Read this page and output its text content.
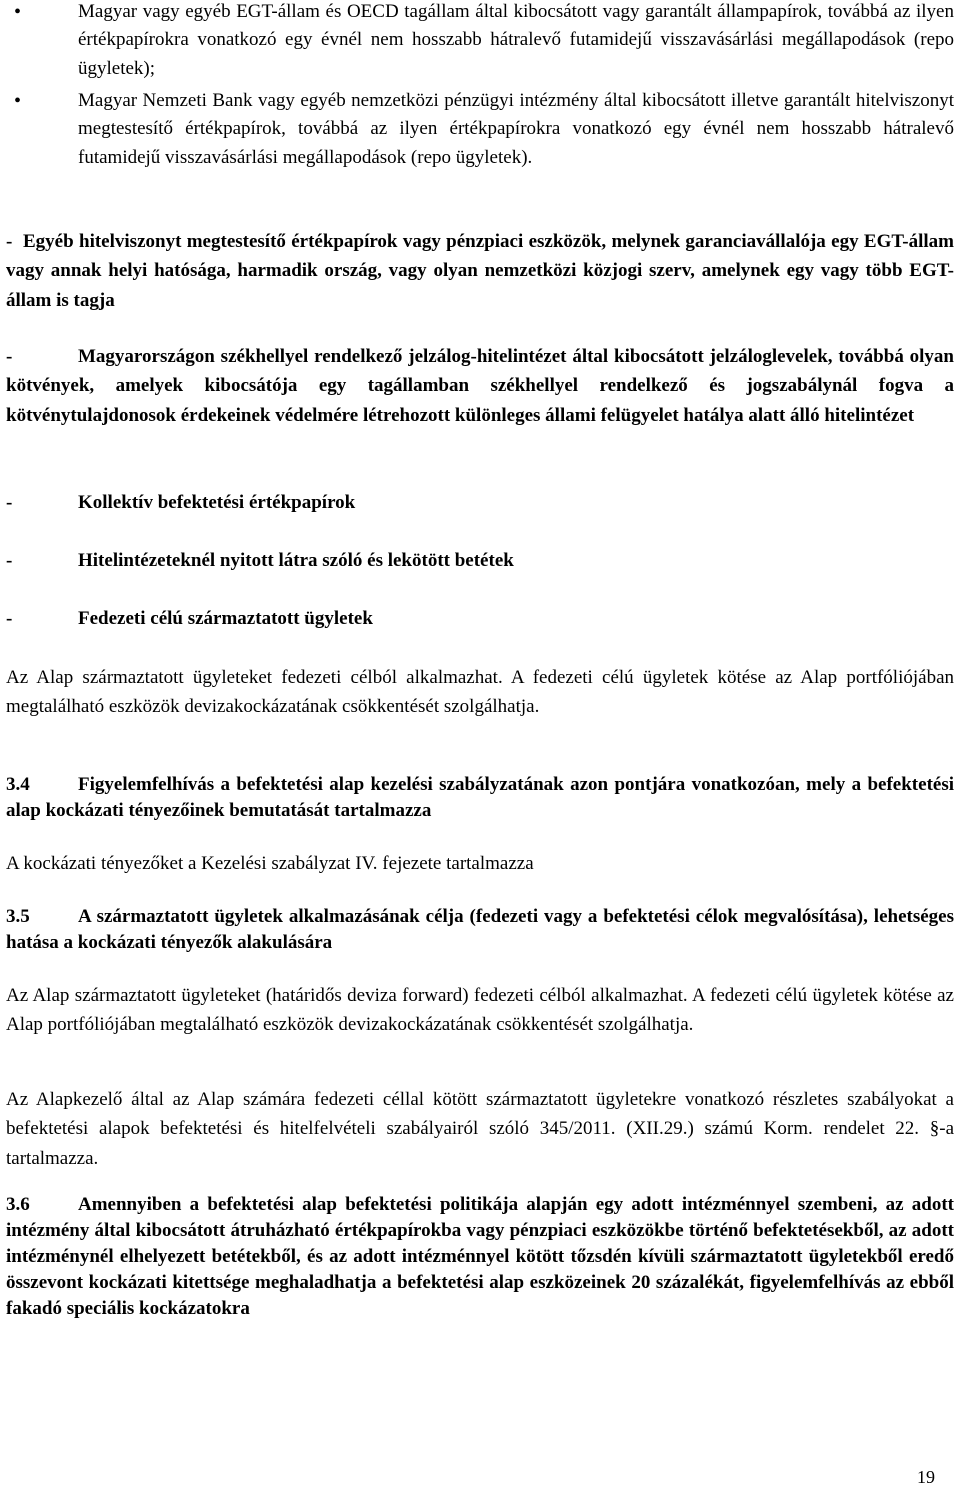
•	Magyar vagy egyéb EGT-állam és OECD tagállam által kibocsátott vagy garantált állampapírok, továbbá az ilyen értékpapírokra vonatkozó egy évnél nem hosszabb hátralevő futamidejű visszavásárlási megállapodások (repo ügyletek);
•	Magyar Nemzeti Bank vagy egyéb nemzetközi pénzügyi intézmény által kibocsátott illetve garantált hitelviszonyt megtestesítő értékpapírok, továbbá az ilyen értékpapírokra vonatkozó egy évnél nem hosszabb hátralevő futamidejű visszavásárlási megállapodások (repo ügyletek).
- Egyéb hitelviszonyt megtestesítő értékpapírok vagy pénzpiaci eszközök, melynek garanciavállalója egy EGT-állam vagy annak helyi hatósága, harmadik ország, vagy olyan nemzetközi közjogi szerv, amelynek egy vagy több EGT-állam is tagja
-	Magyarországon székhellyel rendelkező jelzálog-hitelintézet által kibocsátott jelzáloglevelek, továbbá olyan kötvények, amelyek kibocsátója egy tagállamban székhellyel rendelkező és jogszabálynál fogva a kötvénytulajdonosok érdekeinek védelmére létrehozott különleges állami felügyelet hatálya alatt álló hitelintézet
-	Kollektív befektetési értékpapírok
-	Hitelintézeteknél nyitott látra szóló és lekötött betétek
-	Fedezeti célú származtatott ügyletek
Az Alap származtatott ügyleteket fedezeti célból alkalmazhat. A fedezeti célú ügyletek kötése az Alap portfóliójában megtalálható eszközök devizakockázatának csökkentését szolgálhatja.
3.4	Figyelemfelhívás a befektetési alap kezelési szabályzatának azon pontjára vonatkozóan, mely a befektetési alap kockázati tényezőinek bemutatását tartalmazza
A kockázati tényezőket a Kezelési szabályzat IV. fejezete tartalmazza
3.5	A származtatott ügyletek alkalmazásának célja (fedezeti vagy a befektetési célok megvalósítása), lehetséges hatása a kockázati tényezők alakulására
Az Alap származtatott ügyleteket (határidős deviza forward) fedezeti célból alkalmazhat. A fedezeti célú ügyletek kötése az Alap portfóliójában megtalálható eszközök devizakockázatának csökkentését szolgálhatja.
Az Alapkezelő által az Alap számára fedezeti céllal kötött származtatott ügyletekre vonatkozó részletes szabályokat a befektetési alapok befektetési és hitelfelvételi szabályairól szóló 345/2011. (XII.29.) számú Korm. rendelet 22. §-a tartalmazza.
3.6	Amennyiben a befektetési alap befektetési politikája alapján egy adott intézménnyel szembeni, az adott intézmény által kibocsátott átruházható értékpapírokba vagy pénzpiaci eszközökbe történő befektetésekből, az adott intézménynél elhelyezett betétekből, és az adott intézménnyel kötött tőzsdén kívüli származtatott ügyletekből eredő összevont kockázati kitettsége meghaladhatja a befektetési alap eszközeinek 20 százalékát, figyelemfelhívás az ebből fakadó speciális kockázatokra
19
